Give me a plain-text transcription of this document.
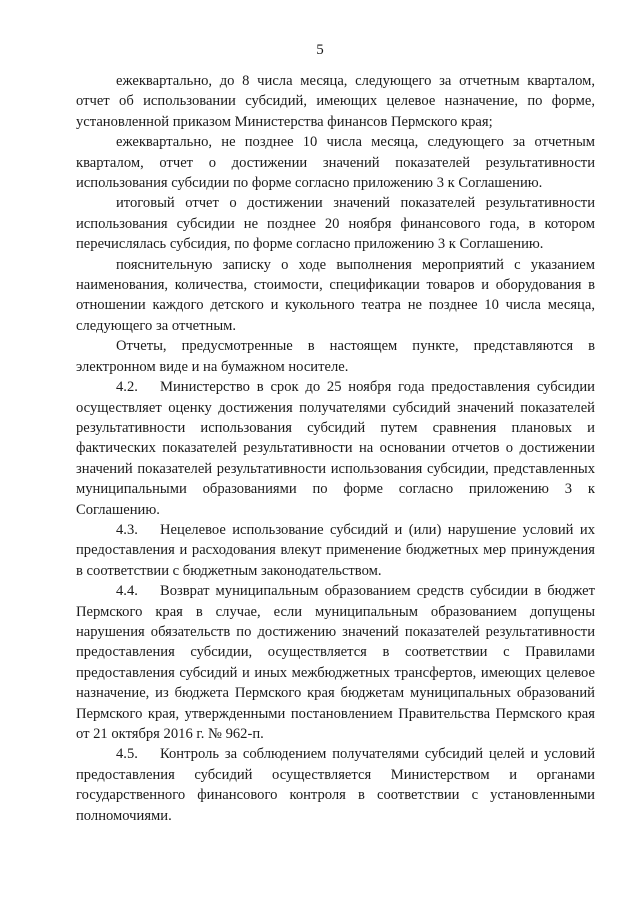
5

ежеквартально, до 8 числа месяца, следующего за отчетным кварталом, отчет об использовании субсидий, имеющих целевое назначение, по форме, установленной приказом Министерства финансов Пермского края;

ежеквартально, не позднее 10 числа месяца, следующего за отчетным кварталом, отчет о достижении значений показателей результативности использования субсидии по форме согласно приложению 3 к Соглашению.

итоговый отчет о достижении значений показателей результативности использования субсидии не позднее 20 ноября финансового года, в котором перечислялась субсидия, по форме согласно приложению 3 к Соглашению.

пояснительную записку о ходе выполнения мероприятий с указанием наименования, количества, стоимости, спецификации товаров и оборудования в отношении каждого детского и кукольного театра не позднее 10 числа месяца, следующего за отчетным.

Отчеты, предусмотренные в настоящем пункте, представляются в электронном виде и на бумажном носителе.

4.2. Министерство в срок до 25 ноября года предоставления субсидии осуществляет оценку достижения получателями субсидий значений показателей результативности использования субсидий путем сравнения плановых и фактических показателей результативности на основании отчетов о достижении значений показателей результативности использования субсидии, представленных муниципальными образованиями по форме согласно приложению 3 к Соглашению.

4.3. Нецелевое использование субсидий и (или) нарушение условий их предоставления и расходования влекут применение бюджетных мер принуждения в соответствии с бюджетным законодательством.

4.4. Возврат муниципальным образованием средств субсидии в бюджет Пермского края в случае, если муниципальным образованием допущены нарушения обязательств по достижению значений показателей результативности предоставления субсидии, осуществляется в соответствии с Правилами предоставления субсидий и иных межбюджетных трансфертов, имеющих целевое назначение, из бюджета Пермского края бюджетам муниципальных образований Пермского края, утвержденными постановлением Правительства Пермского края от 21 октября 2016 г. № 962-п.

4.5. Контроль за соблюдением получателями субсидий целей и условий предоставления субсидий осуществляется Министерством и органами государственного финансового контроля в соответствии с установленными полномочиями.
